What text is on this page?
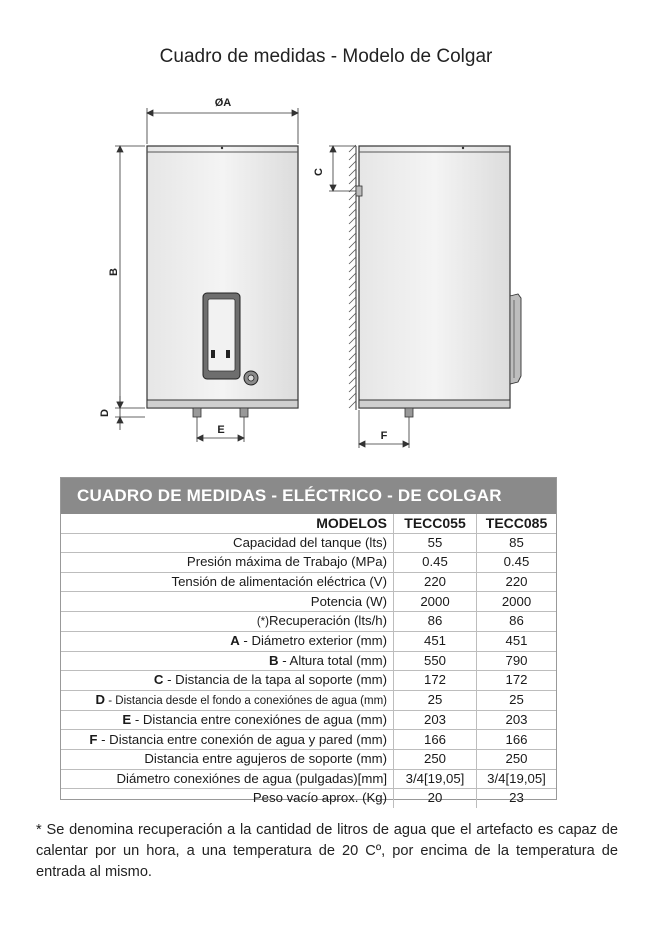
Cuadro de medidas - Modelo de Colgar
ØA
B
D
E
C
F
CUADRO DE MEDIDAS - ELÉCTRICO - DE COLGAR
MODELOS	TECC055	TECC085
Capacidad del tanque (lts)	55	85
Presión máxima de Trabajo (MPa)	0.45	0.45
Tensión de alimentación eléctrica (V)	220	220
Potencia (W)	2000	2000
(*)Recuperación (lts/h)	86	86
A - Diámetro exterior (mm)	451	451
B - Altura total (mm)	550	790
C - Distancia de la tapa al soporte (mm)	172	172
D - Distancia desde el fondo a conexiónes de agua (mm)	25	25
E - Distancia entre conexiónes de agua (mm)	203	203
F - Distancia entre conexión de agua y pared (mm)	166	166
Distancia entre agujeros de soporte (mm)	250	250
Diámetro conexiónes de agua (pulgadas)[mm]	3/4[19,05]	3/4[19,05]
Peso vacío aprox. (Kg)	20	23
* Se denomina recuperación a la cantidad de litros de agua que el artefacto es capaz de calentar por un hora, a una temperatura de 20 Cº, por encima de la temperatura de entrada al mismo.
